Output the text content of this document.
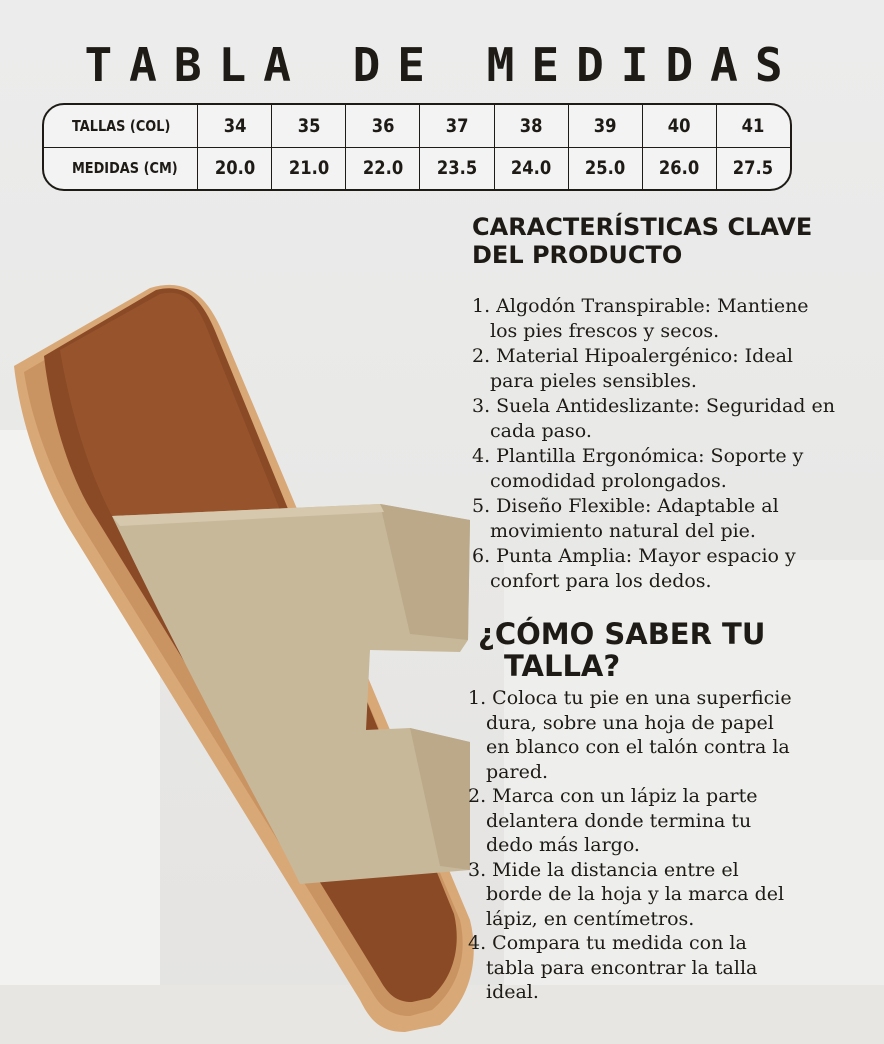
TABLA DE MEDIDAS
TALLAS (COL)	34	35	36	37	38	39	40	41
MEDIDAS (CM)	20.0	21.0	22.0	23.5	24.0	25.0	26.0	27.5
CARACTERÍSTICAS CLAVE
DEL PRODUCTO
1. Algodón Transpirable: Mantiene
los pies frescos y secos.
2. Material Hipoalergénico: Ideal
para pieles sensibles.
3. Suela Antideslizante: Seguridad en
cada paso.
4. Plantilla Ergonómica: Soporte y
comodidad prolongados.
5. Diseño Flexible: Adaptable al
movimiento natural del pie.
6. Punta Amplia: Mayor espacio y
confort para los dedos.
¿CÓMO SABER TU
TALLA?
1. Coloca tu pie en una superficie
dura, sobre una hoja de papel
en blanco con el talón contra la
pared.
2. Marca con un lápiz la parte
delantera donde termina tu
dedo más largo.
3. Mide la distancia entre el
borde de la hoja y la marca del
lápiz, en centímetros.
4. Compara tu medida con la
tabla para encontrar la talla
ideal.
